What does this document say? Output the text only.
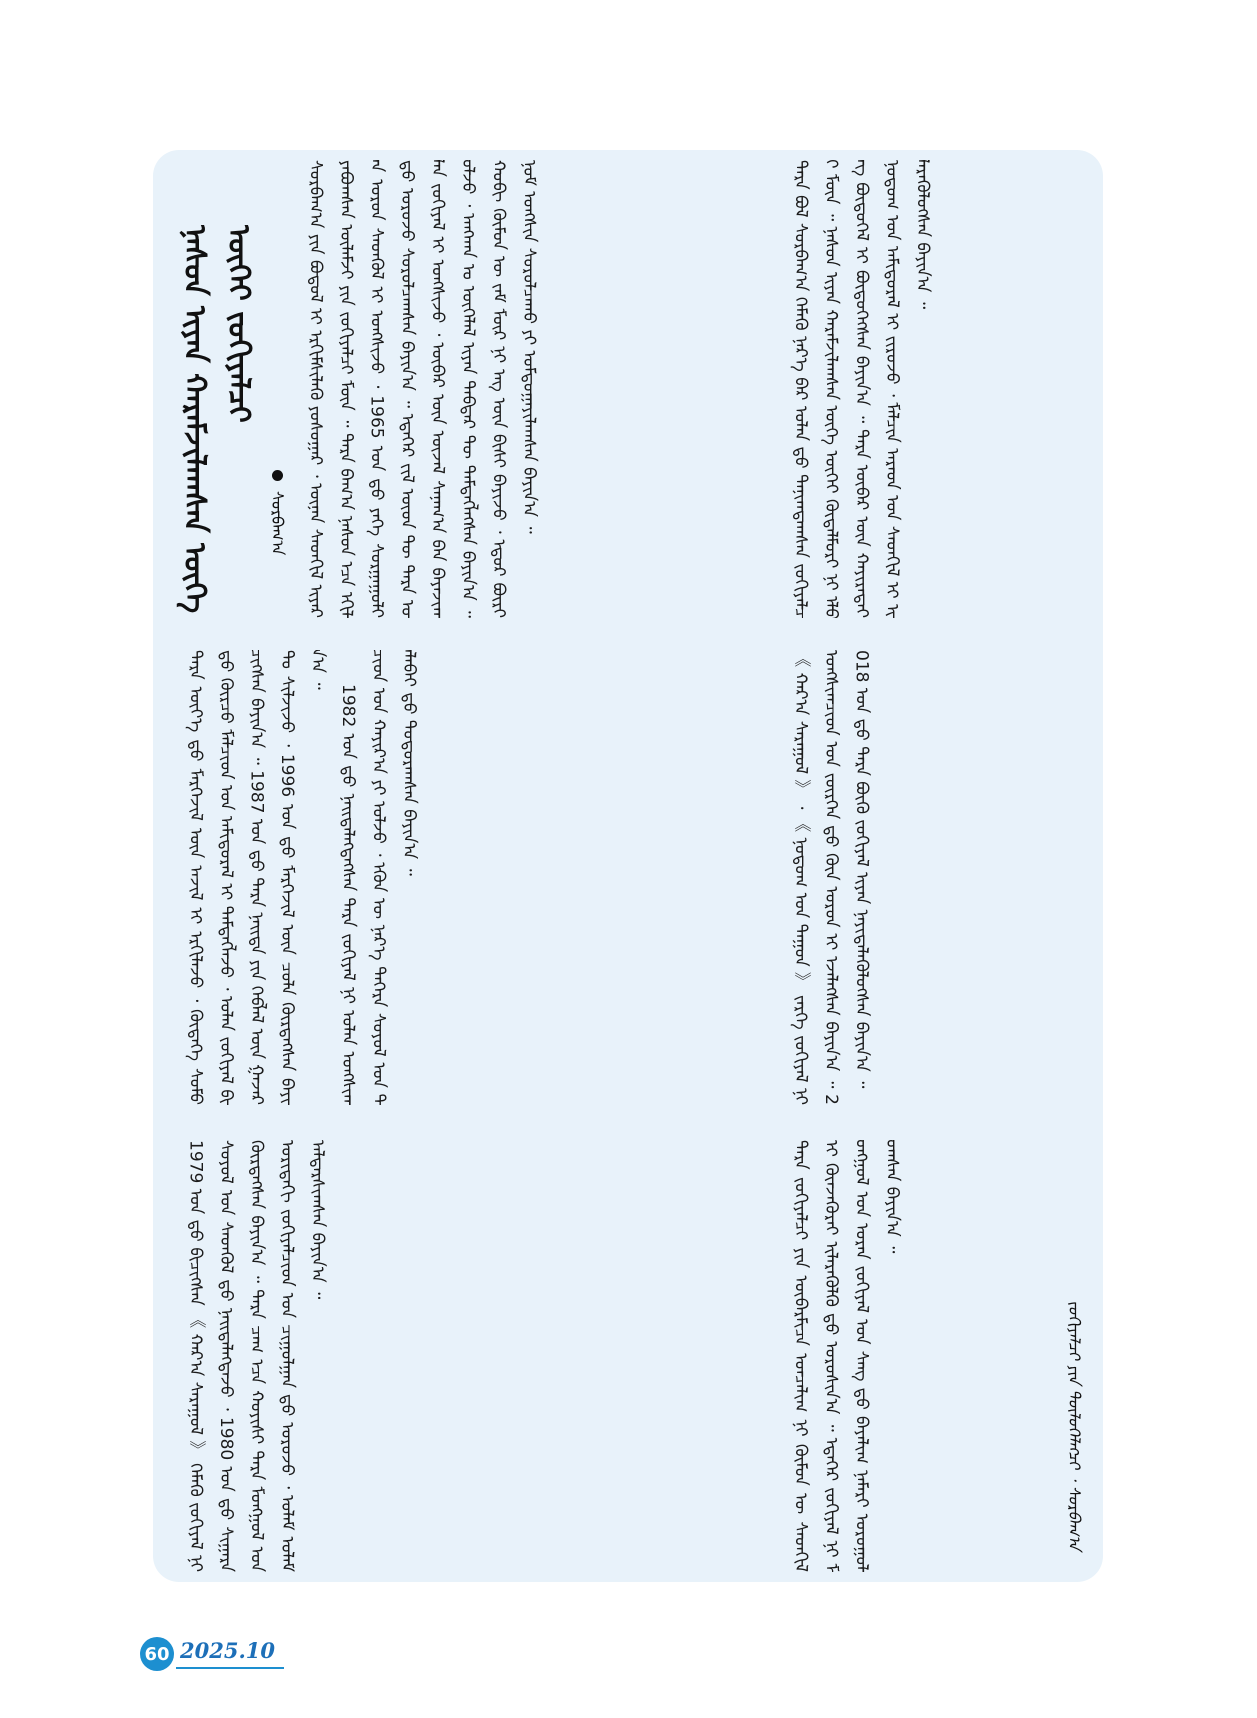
ᠨᠠᠰᠤᠨ ᠢᠶᠠᠨ ᠬᠠᠷᠠᠮᠵᠢᠯᠠᠭᠰᠠᠨ ᠦᠭᠡ ᠦᠭᠡᠢ ᠵᠣᠬᠢᠶᠠᠯᠴᠢ
ᠰᠤᠷᠪᠠᠭ᠎ᠠ	ᠰᠤᠷᠪᠠᠭ᠎ᠠ ᠶᠢᠨ ᠪᠣᠳᠣᠯ ᠢ ᠡᠷᠬᠢᠮᠰᠢᠯᠡᠬᠦ ᠶᠣᠰᠣᠭᠠᠷ ᠂ ᠦᠨᠡᠨ ᠰᠡᠳᠬᠢᠯ ᠢᠶᠠᠷ ᠶᠠᠪᠤᠭᠰᠠᠨ ᠦᠯᠡᠮᠵᠢ ᠶᠢᠨ ᠵᠣᠬᠢᠶᠠᠯᠴᠢ ᠮᠥᠨ ᠃ ᠲᠡᠷᠡ ᠪᠠᠭ᠎ᠠ ᠨᠠᠰᠤᠨ ᠡᠴᠡ ᠡᠬᠢᠯᠡᠨ ᠤᠷᠤᠨ ᠰᠡᠳᠬᠦᠯ ᠢ ᠤᠩᠰᠢᠵᠤ ᠂ 1965 ᠣᠨ ᠳ᠋ᠤ ᠶᠡᠬᠡ ᠰᠤᠷᠭᠠᠭᠤᠯᠢ ᠳ᠋ᠤ ᠣᠷᠣᠵᠤ ᠰᠤᠷᠤᠯᠴᠠᠭᠰᠠᠨ ᠪᠠᠶᠢᠨ᠎ᠠ ᠃ ᠡᠳᠡᠭᠡᠷ ᠵᠢᠯ ᠦᠳ ᠲᠦ ᠲᠡᠷᠡ ᠣᠯᠠᠨ ᠵᠣᠬᠢᠶᠠᠯ ᠢ ᠤᠩᠰᠢᠵᠤ ᠂ ᠥᠪᠡᠷ ᠦᠨ ᠦᠵᠡᠯ ᠰᠠᠨᠠᠭ᠎ᠠ ᠪᠠᠨ ᠪᠠᠶᠠᠵᠢᠭᠤᠯᠵᠤ ᠂ ᠠᠩᠬᠠᠨ ᠤ ᠦᠭᠡᠯᠡᠯ ᠢᠶᠡᠨ ᠳᠡᠪᠲᠡᠷ ᠲᠦ ᠲᠡᠮᠳᠡᠭᠯᠡᠭᠰᠡᠨ ᠪᠠᠶᠢᠨ᠎ᠠ ᠃ ᠬᠤᠪᠢ ᠬᠥᠮᠦᠨ ᠦ ᠵᠠᠮ ᠮᠥᠷ ᠨᠢ ᠡᠩ ᠦᠨ ᠪᠢᠰᠢ ᠪᠠᠶᠢᠵᠤ ᠂ ᠡᠳᠦᠷ ᠪᠦᠷᠢ ᠨᠣᠮ ᠤᠩᠰᠢᠨ ᠰᠤᠷᠤᠯᠴᠠᠬᠤ ᠶᠢ ᠤᠮᠳᠤᠭᠠᠶᠢᠯᠠᠭᠰᠠᠨ ᠪᠠᠶᠢᠨ᠎ᠠ ᠃

ᠲᠡᠷᠡ ᠦᠶ᠎ᠡ ᠳ᠋ᠤ ᠮᠡᠷᠭᠡᠵᠢᠯ ᠦᠨ ᠠᠵᠢᠯ ᠢ ᠡᠷᠬᠢᠯᠡᠵᠦ ᠂ ᠬᠥᠳᠡᠭᠡ ᠰᠤᠮᠤ ᠳ᠋ᠤ ᠬᠦᠷᠴᠦ ᠮᠠᠯᠴᠢᠳ ᠤᠨ ᠠᠮᠢᠳᠤᠷᠠᠯ ᠢ ᠲᠡᠮᠳᠡᠭᠯᠡᠵᠦ ᠂ ᠣᠯᠠᠨ ᠵᠣᠬᠢᠶᠠᠯ ᠪᠢᠴᠢᠭᠰᠡᠨ ᠪᠠᠶᠢᠨ᠎ᠠ ᠃ 1987 ᠣᠨ ᠳ᠋ᠤ ᠲᠡᠷᠡ ᠨᠡᠢᠲᠡ ᠶᠢᠨ ᠬᠡᠪᠯᠡᠯ ᠦᠨ ᠭᠠᠵᠠᠷ ᠲᠤ ᠰᠢᠯᠵᠢᠵᠦ ᠂ 1996 ᠣᠨ ᠳ᠋ᠤ ᠮᠡᠷᠭᠡᠵᠢᠯ ᠦᠨ ᠴᠣᠯᠠ ᠬᠦᠷᠲᠡᠭᠰᠡᠨ ᠪᠠᠶᠢᠨ᠎ᠠ ᠃

1982 ᠣᠨ ᠳ᠋ᠤ ᠨᠡᠢᠲᠡᠯᠡᠭᠳᠡᠭᠰᠡᠨ ᠲᠡᠷᠡ ᠵᠣᠬᠢᠶᠠᠯ ᠨᠢ ᠣᠯᠠᠨ ᠤᠩᠰᠢᠭᠴᠢᠳ ᠤᠨ ᠬᠠᠶᠢᠷ᠎ᠠ ᠶᠢ ᠣᠯᠵᠤ ᠂ ᠡᠭᠦᠨ ᠦ ᠨᠡᠷ᠎ᠡ ᠳᠡᠭᠡᠷᠡ ᠰᠣᠶᠣᠯ ᠤᠨ ᠲᠠᠯᠠᠪᠠᠢ ᠳ᠋ᠤ ᠲᠣᠳᠣᠷᠠᠭᠰᠠᠨ ᠪᠠᠶᠢᠨ᠎ᠠ ᠃

1979 ᠣᠨ ᠳ᠋ᠤ ᠪᠢᠴᠢᠭᠰᠡᠨ 《 ᠬᠠᠷ᠎ᠠ ᠰᠠᠷᠠᠭᠤᠯ 》 ᠬᠡᠮᠡᠬᠦ ᠵᠣᠬᠢᠶᠠᠯ ᠨᠢ ᠰᠣᠶᠣᠯ ᠤᠨ ᠰᠡᠳᠬᠦᠯ ᠳ᠋ᠤ ᠨᠡᠢᠲᠡᠯᠡᠭᠳᠡᠵᠦ ᠂ 1980 ᠣᠨ ᠳ᠋ᠤ ᠰᠢᠭᠠᠷᠠ ᠬᠦᠷᠲᠡᠭᠰᠡᠨ ᠪᠠᠶᠢᠨ᠎ᠠ ᠃ ᠲᠡᠷᠡ ᠴᠠᠭ ᠡᠴᠡ ᠬᠣᠶᠢᠰᠢ ᠲᠡᠷᠡ ᠮᠣᠩᠭᠣᠯ ᠤᠨ ᠤᠷᠢᠳᠠᠬᠢ ᠵᠣᠬᠢᠶᠠᠯᠴᠢᠳ ᠤᠨ ᠴᠢᠭᠤᠯᠭᠠᠨ ᠳ᠋ᠤ ᠣᠷᠣᠵᠤ ᠂ ᠤᠯᠠᠮ ᠤᠯᠠᠮ ᠠᠯᠳᠠᠷᠰᠢᠭᠰᠠᠨ ᠪᠠᠶᠢᠨ᠎ᠠ ᠃

ᠲᠡᠷᠡ ᠪᠣᠯ ᠰᠤᠷᠪᠠᠭ᠎ᠠ ᠬᠡᠮᠡᠬᠦ ᠨᠡᠷ᠎ᠡ ᠪᠡᠷ ᠣᠯᠠᠨ ᠳ᠋ᠤ ᠲᠠᠨᠢᠭᠳᠠᠭᠰᠠᠨ ᠵᠣᠬᠢᠶᠠᠯᠴᠢ ᠮᠥᠨ ᠃ ᠨᠠᠰᠤᠨ ᠢᠶᠠᠨ ᠬᠠᠷᠠᠮᠵᠢᠯᠠᠭᠰᠠᠨ ᠦᠭᠡ ᠦᠭᠡᠢ ᠬᠥᠳᠡᠯᠮᠦᠷᠢ ᠨᠢ ᠡᠯᠪᠡᠭ ᠪᠦᠲᠦᠭᠡᠯ ᠢ ᠪᠦᠲᠦᠭᠡᠭᠰᠡᠨ ᠪᠠᠶᠢᠨ᠎ᠠ ᠃ ᠲᠡᠷᠡ ᠥᠪᠡᠷ ᠦᠨ ᠬᠠᠶᠢᠷᠠᠲᠠᠢ ᠨᠤᠲᠤᠭ ᠤᠨ ᠠᠮᠢᠳᠤᠷᠠᠯ ᠢ ᠵᠢᠷᠤᠵᠤ ᠂ ᠮᠠᠯᠴᠢᠨ ᠠᠷᠠᠳ ᠤᠨ ᠰᠡᠳᠬᠢᠯ ᠢ ᠢᠯᠡᠷᠡᠭᠦᠯᠦᠭᠰᠡᠨ ᠪᠠᠶᠢᠨ᠎ᠠ ᠃

《 ᠬᠠᠷ᠎ᠠ ᠰᠠᠷᠠᠭᠤᠯ 》 ᠂ 《 ᠨᠤᠲᠤᠭ ᠤᠨ ᠳᠠᠭᠤᠨ 》 ᠵᠡᠷᠭᠡ ᠵᠣᠬᠢᠶᠠᠯ ᠨᠢ ᠤᠩᠰᠢᠭᠴᠢᠳ ᠤᠨ ᠵᠦᠷᠬᠡᠨ ᠳ᠋ᠤ ᠭᠦᠨ ᠣᠷᠣᠨ ᠢ ᠡᠵᠡᠯᠡᠭᠰᠡᠨ ᠪᠠᠶᠢᠨ᠎ᠠ ᠃ 2018 ᠣᠨ ᠳ᠋ᠤ ᠲᠡᠷᠡ ᠪᠦᠬᠦ ᠵᠣᠬᠢᠶᠠᠯ ᠢᠶᠠᠨ ᠨᠡᠶᠢᠲᠡᠯᠡᠭᠦᠯᠦᠭᠰᠡᠨ ᠪᠠᠶᠢᠨ᠎ᠠ ᠃

ᠲᠡᠷᠡ ᠵᠣᠬᠢᠶᠠᠯᠴᠢ ᠶᠢᠨ ᠥᠪᠡᠷᠮᠢᠴᠡ ᠣᠨᠴᠠᠯᠢᠭ ᠨᠢ ᠬᠦᠮᠦᠨ ᠦ ᠰᠡᠳᠬᠢᠯ ᠢ ᠭᠦᠨᠵᠡᠭᠦᠷᠡᠢ ᠢᠯᠡᠷᠡᠭᠦᠯᠬᠦ ᠳ᠋ᠤ ᠣᠷᠣᠰᠢᠨ᠎ᠠ ᠃ ᠡᠳᠡᠭᠡᠷ ᠵᠣᠬᠢᠶᠠᠯ ᠨᠢ ᠮᠣᠩᠭᠣᠯ ᠤᠨ ᠤᠷᠠᠨ ᠵᠣᠬᠢᠶᠠᠯ ᠤᠨ ᠰᠠᠩ ᠳ᠋ᠤ ᠪᠠᠶᠠᠯᠢᠭ ᠨᠡᠮᠡᠷᠢ ᠣᠷᠤᠭᠤᠯᠤᠭᠰᠠᠨ ᠪᠠᠶᠢᠨ᠎ᠠ ᠃

ᠵᠣᠬᠢᠶᠠᠯᠴᠢ ᠶᠢᠨ ᠲᠥᠯᠦᠭᠡᠯᠡᠭᠴᠢ ᠂ ᠰᠤᠷᠪᠠᠭ᠎ᠠ
60 2025.10
